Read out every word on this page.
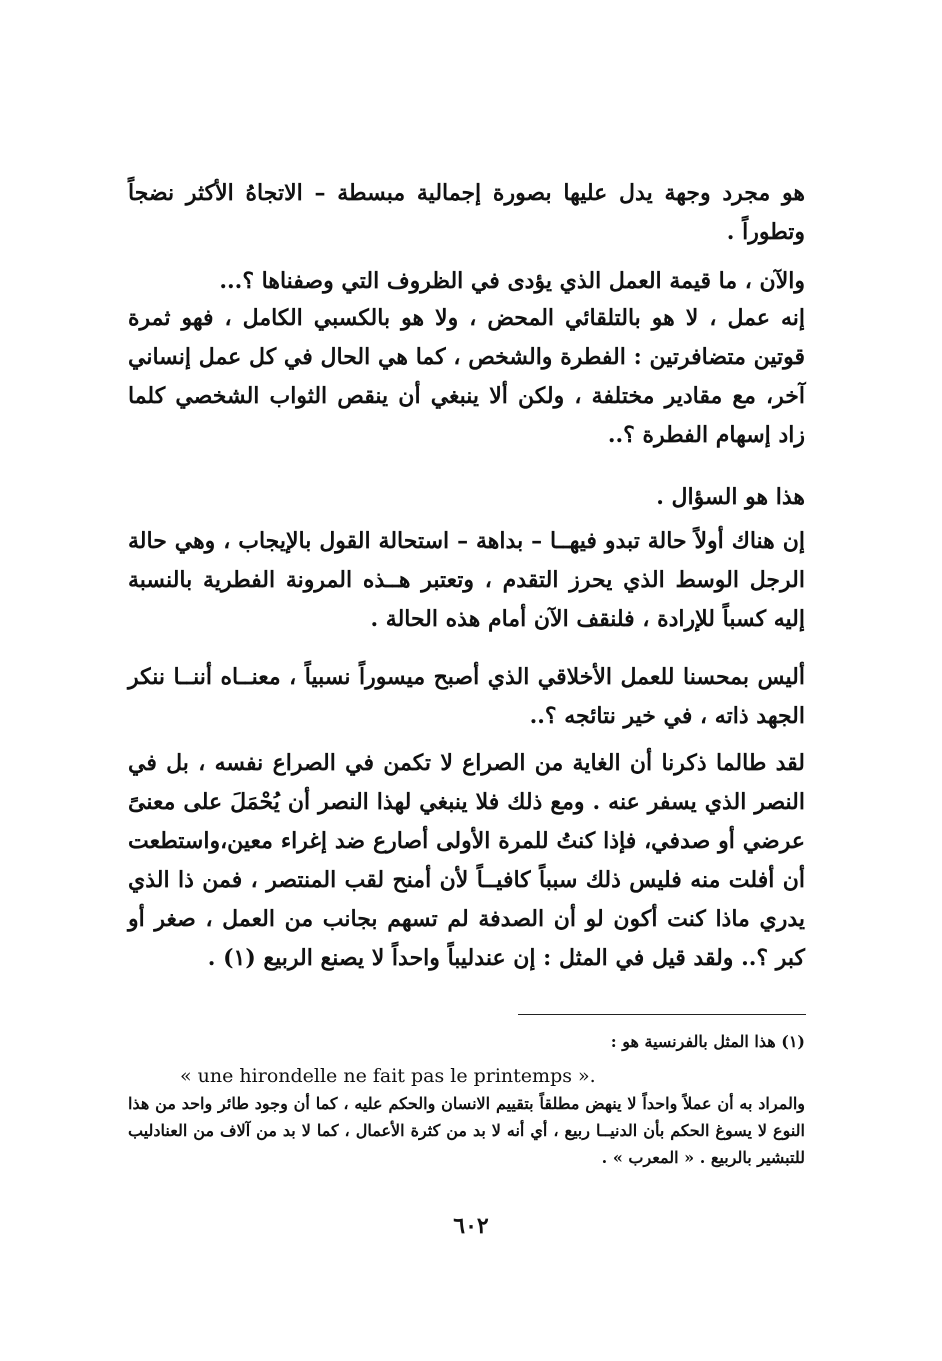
هو مجرد وجهة يدل عليها بصورة إجمالية مبسطة – الاتجاهُ الأكثر نضجاً وتطوراً .

والآن ، ما قيمة العمل الذي يؤدى في الظروف التي وصفناها ؟...

إنه عمل ، لا هو بالتلقائي المحض ، ولا هو بالكسبي الكامل ، فهو ثمرة قوتين متضافرتين : الفطرة والشخص ، كما هي الحال في كل عمل إنساني آخر، مع مقادير مختلفة ، ولكن ألا ينبغي أن ينقص الثواب الشخصي كلما زاد إسهام الفطرة ؟..

هذا هو السؤال .

إن هناك أولاً حالة تبدو فيهــا – بداهة – استحالة القول بالإيجاب ، وهي حالة الرجل الوسط الذي يحرز التقدم ، وتعتبر هــذه المرونة الفطرية بالنسبة إليه كسباً للإرادة ، فلنقف الآن أمام هذه الحالة .

أليس بمحسنا للعمل الأخلاقي الذي أصبح ميسوراً نسبياً ، معنــاه أننــا ننكر الجهد ذاته ، في خير نتائجه ؟..

لقد طالما ذكرنا أن الغاية من الصراع لا تكمن في الصراع نفسه ، بل في النصر الذي يسفر عنه . ومع ذلك فلا ينبغي لهذا النصر أن يُحْمَلَ على معنىً عرضي أو صدفي، فإذا كنتُ للمرة الأولى أصارع ضد إغراء معين،واستطعت أن أفلت منه فليس ذلك سبباً كافيــاً لأن أمنح لقب المنتصر ، فمن ذا الذي يدري ماذا كنت أكون لو أن الصدفة لم تسهم بجانب من العمل ، صغر أو كبر ؟.. ولقد قيل في المثل : إن عندليباً واحداً لا يصنع الربيع (١) .

(١) هذا المثل بالفرنسية هو :
« une hirondelle ne fait pas le printemps ».
والمراد به أن عملاً واحداً لا ينهض مطلقاً بتقييم الانسان والحكم عليه ، كما أن وجود طائر واحد من هذا النوع لا يسوغ الحكم بأن الدنيــا ربيع ، أي أنه لا بد من كثرة الأعمال ، كما لا بد من آلاف من العنادليب للتبشير بالربيع . « المعرب » .
٦٠٢
